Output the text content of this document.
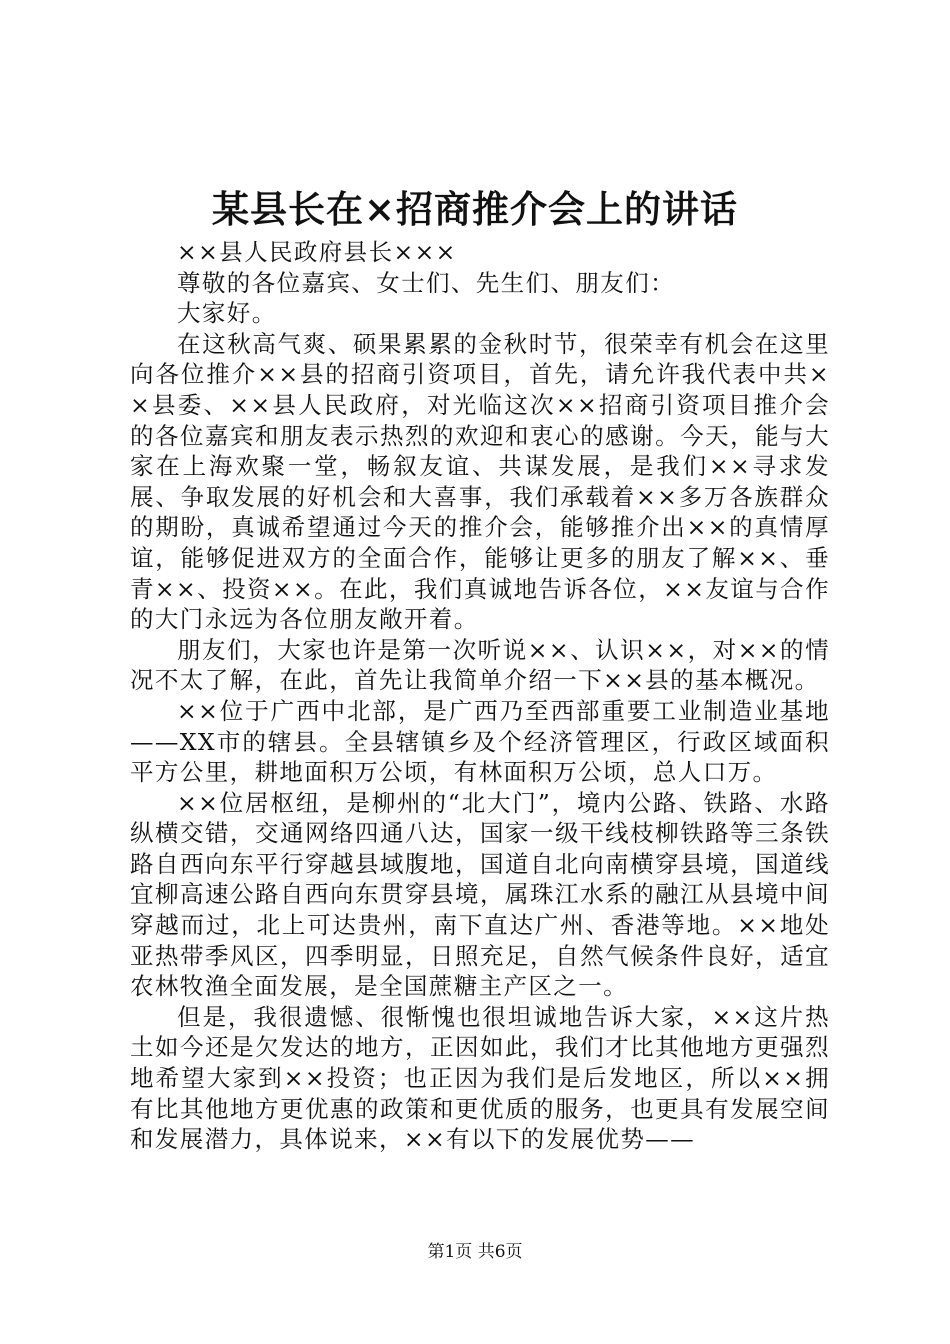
某县长在×招商推介会上的讲话

××县人民政府县长×××

尊敬的各位嘉宾、女士们、先生们、朋友们：

大家好。

在这秋高气爽、硕果累累的金秋时节，很荣幸有机会在这里向各位推介××县的招商引资项目，首先，请允许我代表中共××县委、××县人民政府，对光临这次××招商引资项目推介会的各位嘉宾和朋友表示热烈的欢迎和衷心的感谢。今天，能与大家在上海欢聚一堂，畅叙友谊、共谋发展，是我们××寻求发展、争取发展的好机会和大喜事，我们承载着××多万各族群众的期盼，真诚希望通过今天的推介会，能够推介出××的真情厚谊，能够促进双方的全面合作，能够让更多的朋友了解××、垂青××、投资××。在此，我们真诚地告诉各位，××友谊与合作的大门永远为各位朋友敞开着。

朋友们，大家也许是第一次听说××、认识××，对××的情况不太了解，在此，首先让我简单介绍一下××县的基本概况。

××位于广西中北部，是广西乃至西部重要工业制造业基地——XX市的辖县。全县辖镇乡及个经济管理区，行政区域面积平方公里，耕地面积万公顷，有林面积万公顷，总人口万。

××位居枢纽，是柳州的“北大门”，境内公路、铁路、水路纵横交错，交通网络四通八达，国家一级干线枝柳铁路等三条铁路自西向东平行穿越县域腹地，国道自北向南横穿县境，国道线宜柳高速公路自西向东贯穿县境，属珠江水系的融江从县境中间穿越而过，北上可达贵州，南下直达广州、香港等地。××地处亚热带季风区，四季明显，日照充足，自然气候条件良好，适宜农林牧渔全面发展，是全国蔗糖主产区之一。

但是，我很遗憾、很惭愧也很坦诚地告诉大家，××这片热土如今还是欠发达的地方，正因如此，我们才比其他地方更强烈地希望大家到××投资；也正因为我们是后发地区，所以××拥有比其他地方更优惠的政策和更优质的服务，也更具有发展空间和发展潜力，具体说来，××有以下的发展优势——

第1页 共6页
